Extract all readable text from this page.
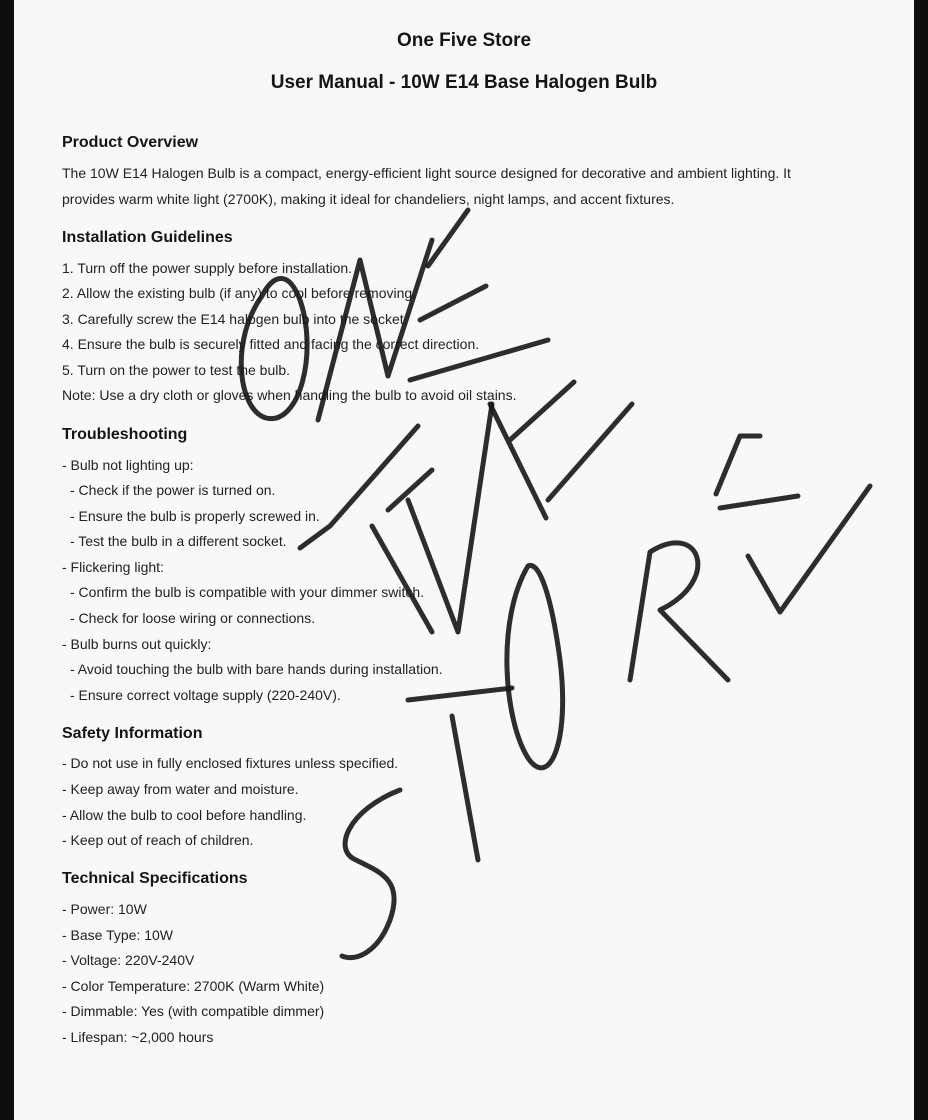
One Five Store
User Manual - 10W E14 Base Halogen Bulb
Product Overview
The 10W E14 Halogen Bulb is a compact, energy-efficient light source designed for decorative and ambient lighting. It
provides warm white light (2700K), making it ideal for chandeliers, night lamps, and accent fixtures.
Installation Guidelines
1. Turn off the power supply before installation.
2. Allow the existing bulb (if any) to cool before removing.
3. Carefully screw the E14 halogen bulb into the socket.
4. Ensure the bulb is securely fitted and facing the correct direction.
5. Turn on the power to test the bulb.
Note: Use a dry cloth or gloves when handling the bulb to avoid oil stains.
Troubleshooting
- Bulb not lighting up:
- Check if the power is turned on.
- Ensure the bulb is properly screwed in.
- Test the bulb in a different socket.
- Flickering light:
- Confirm the bulb is compatible with your dimmer switch.
- Check for loose wiring or connections.
- Bulb burns out quickly:
- Avoid touching the bulb with bare hands during installation.
- Ensure correct voltage supply (220-240V).
Safety Information
- Do not use in fully enclosed fixtures unless specified.
- Keep away from water and moisture.
- Allow the bulb to cool before handling.
- Keep out of reach of children.
Technical Specifications
- Power: 10W
- Base Type: 10W
- Voltage: 220V-240V
- Color Temperature: 2700K (Warm White)
- Dimmable: Yes (with compatible dimmer)
- Lifespan: ~2,000 hours
